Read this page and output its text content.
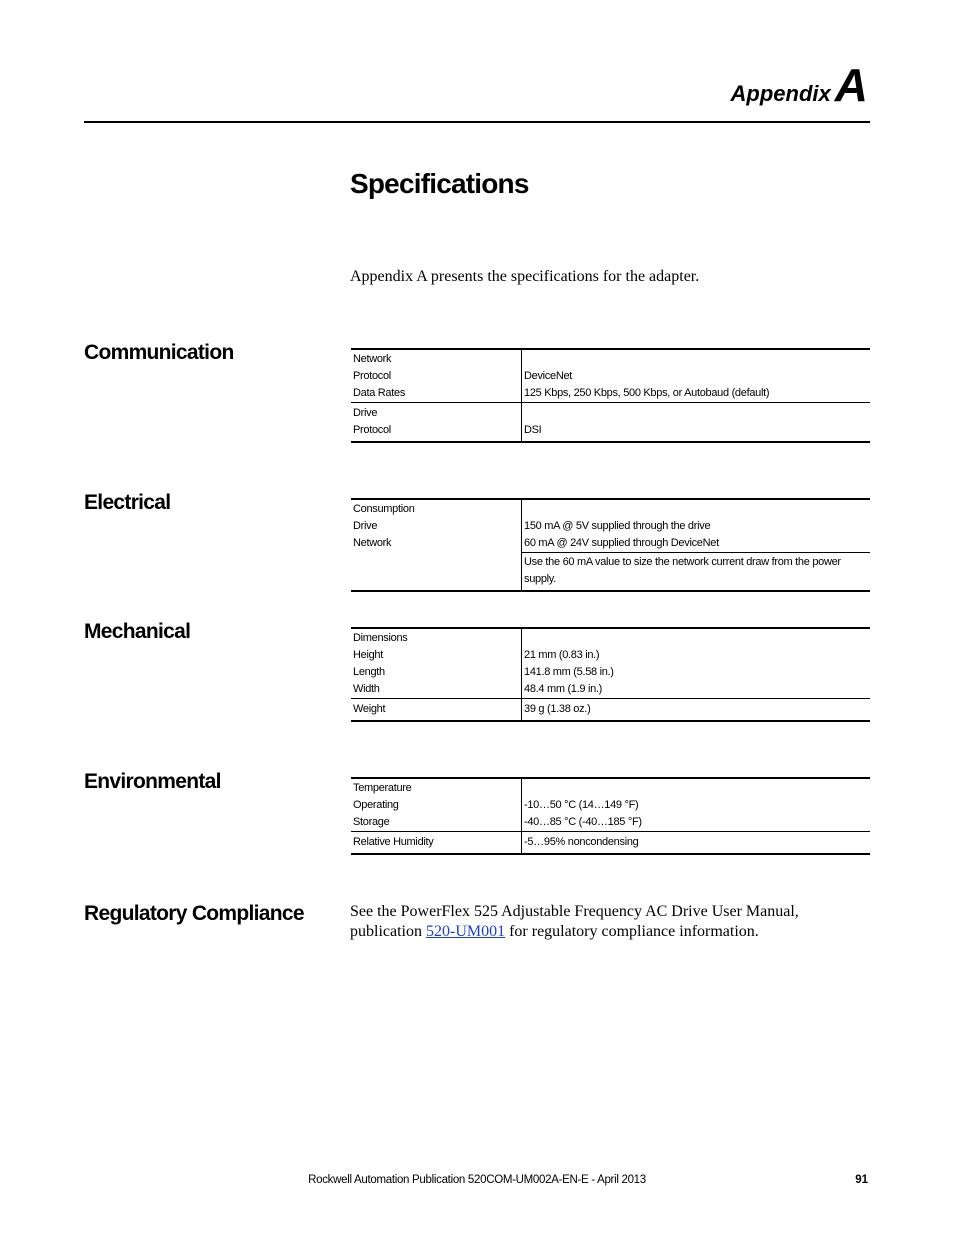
AppendixA
Specifications
Appendix A presents the specifications for the adapter.
Communication	Network	
Protocol	DeviceNet
Data Rates	125 Kbps, 250 Kbps, 500 Kbps, or Autobaud (default)
Drive	
Protocol	DSI
Electrical	Consumption	
Drive	150 mA @ 5V supplied through the drive
Network	60 mA @ 24V supplied through DeviceNet
	Use the 60 mA value to size the network current draw from the power supply.
Mechanical	Dimensions	
Height	21 mm (0.83 in.)
Length	141.8 mm (5.58 in.)
Width	48.4 mm (1.9 in.)
Weight	39 g (1.38 oz.)
Environmental	Temperature	
Operating	-10…50 °C (14…149 °F)
Storage	-40…85 °C (-40…185 °F)
Relative Humidity	-5…95% noncondensing
Regulatory Compliance	See the PowerFlex 525 Adjustable Frequency AC Drive User Manual, publication 520-UM001 for regulatory compliance information.
Rockwell Automation Publication 520COM-UM002A-EN-E - April 2013	91
